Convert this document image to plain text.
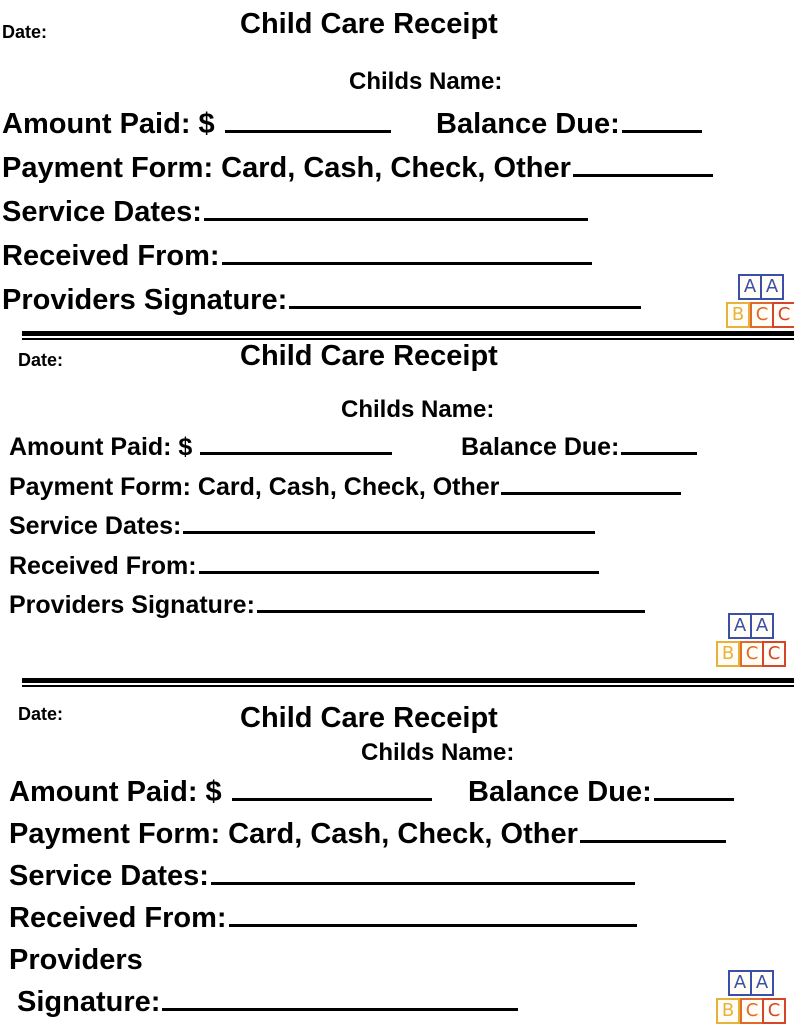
Date:	Child Care Receipt
Childs Name:
Amount Paid: $	Balance Due:
Payment Form: Card, Cash, Check, Other
Service Dates:
Received From:
Providers Signature:	A A
B C C
Date:	Child Care Receipt
Childs Name:
Amount Paid: $	Balance Due:
Payment Form: Card, Cash, Check, Other
Service Dates:
Received From:
Providers Signature:
A A
B C C
Date:	Child Care Receipt
Childs Name:
Amount Paid: $	Balance Due:
Payment Form: Card, Cash, Check, Other
Service Dates:
Received From:
Providers
Signature:
A A
B C C
